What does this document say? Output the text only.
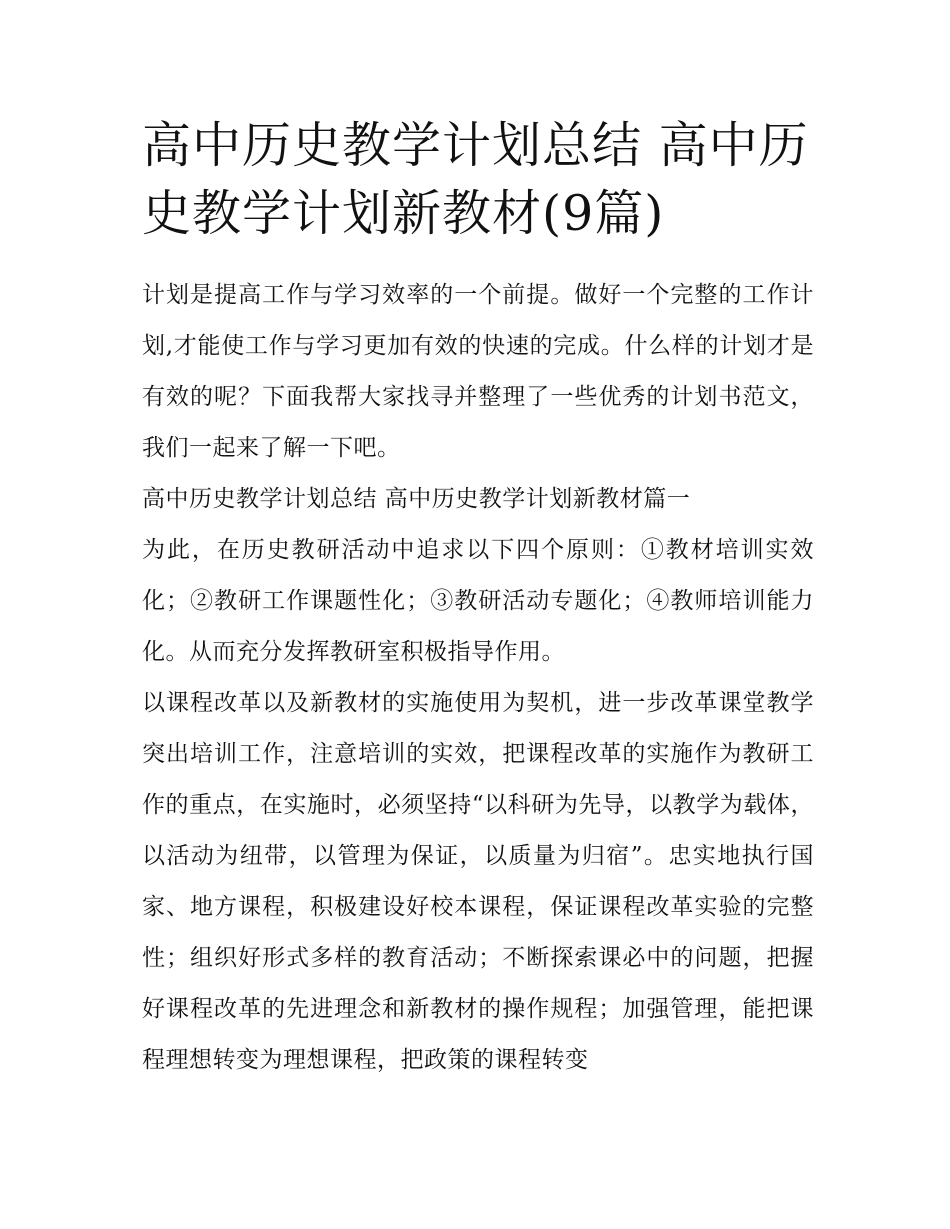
高中历史教学计划总结 高中历史教学计划新教材(9篇)

计划是提高工作与学习效率的一个前提。做好一个完整的工作计划,才能使工作与学习更加有效的快速的完成。什么样的计划才是有效的呢？下面我帮大家找寻并整理了一些优秀的计划书范文，我们一起来了解一下吧。

高中历史教学计划总结 高中历史教学计划新教材篇一

为此，在历史教研活动中追求以下四个原则：①教材培训实效化；②教研工作课题性化；③教研活动专题化；④教师培训能力化。从而充分发挥教研室积极指导作用。

以课程改革以及新教材的实施使用为契机，进一步改革课堂教学突出培训工作，注意培训的实效，把课程改革的实施作为教研工作的重点，在实施时，必须坚持“以科研为先导，以教学为载体，以活动为纽带，以管理为保证，以质量为归宿”。忠实地执行国家、地方课程，积极建设好校本课程，保证课程改革实验的完整性；组织好形式多样的教育活动；不断探索课必中的问题，把握好课程改革的先进理念和新教材的操作规程；加强管理，能把课程理想转变为理想课程，把政策的课程转变
